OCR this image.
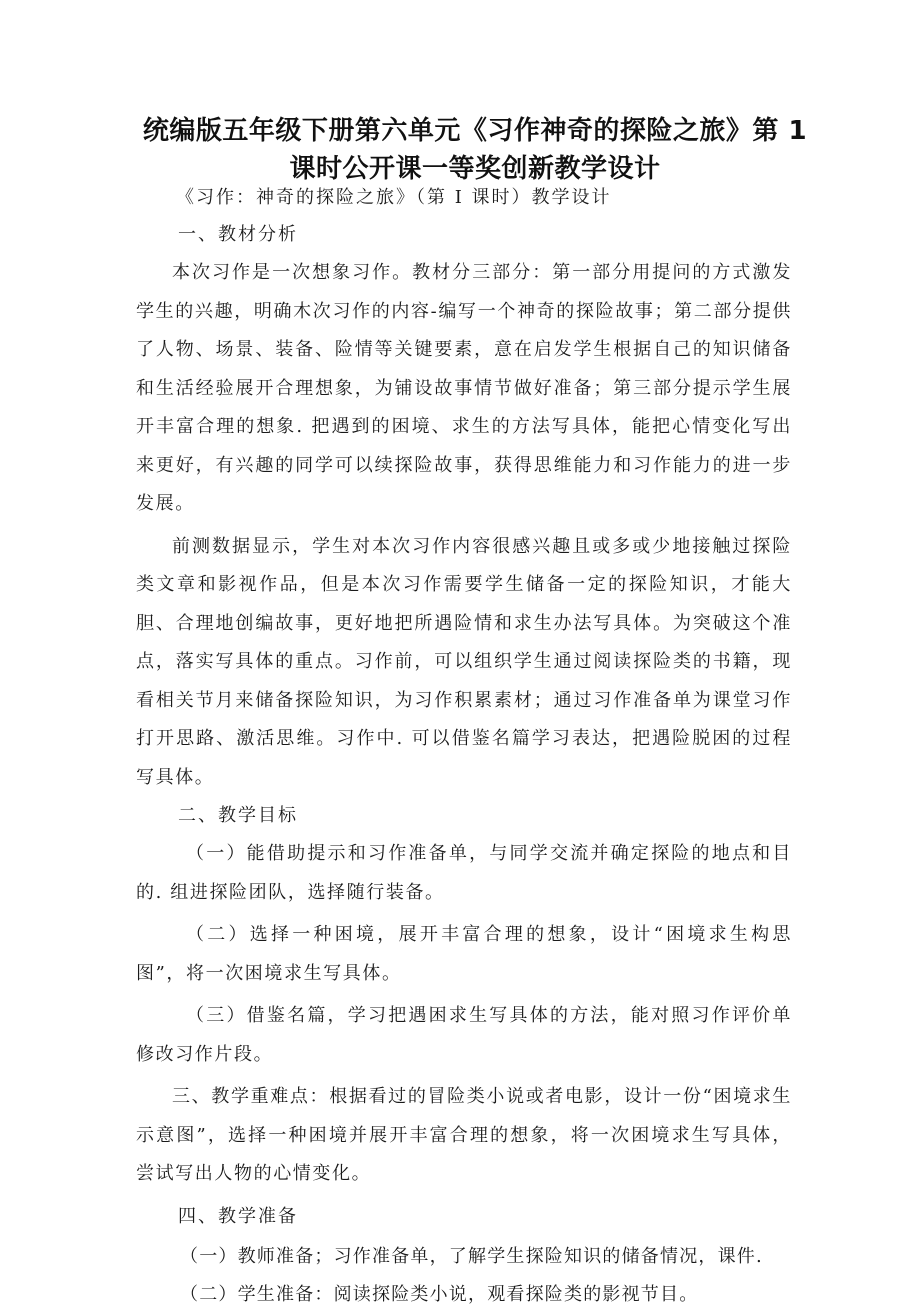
统编版五年级下册第六单元《习作神奇的探险之旅》第 1
课时公开课一等奖创新教学设计
《习作：神奇的探险之旅》（第 I 课时）教学设计
一、教材分析

本次习作是一次想象习作。教材分三部分：第一部分用提问的方式激发学生的兴趣，明确木次习作的内容-编写一个神奇的探险故事；第二部分提供了人物、场景、装备、险情等关键要素，意在启发学生根据自己的知识储备和生活经验展开合理想象，为铺设故事情节做好准备；第三部分提示学生展开丰富合理的想象. 把遇到的困境、求生的方法写具体，能把心情变化写出来更好，有兴趣的同学可以续探险故事，获得思维能力和习作能力的进一步发展。

前测数据显示，学生对本次习作内容很感兴趣且或多或少地接触过探险类文章和影视作品，但是本次习作需要学生储备一定的探险知识，才能大胆、合理地创编故事，更好地把所遇险情和求生办法写具体。为突破这个准点，落实写具体的重点。习作前，可以组织学生通过阅读探险类的书籍，现看相关节月来储备探险知识，为习作积累素材；通过习作准备单为课堂习作打开思路、激活思维。习作中. 可以借鉴名篇学习表达，把遇险脱困的过程写具体。

二、教学目标

（一）能借助提示和习作准备单，与同学交流并确定探险的地点和目的. 组进探险团队，选择随行装备。

（二）选择一种困境，展开丰富合理的想象，设计“困境求生构思图”，将一次困境求生写具体。

（三）借鉴名篇，学习把遇困求生写具体的方法，能对照习作评价单修改习作片段。

三、教学重难点：根据看过的冒险类小说或者电影，设计一份“困境求生示意图”，选择一种困境并展开丰富合理的想象，将一次困境求生写具体，尝试写出人物的心情变化。

四、教学准备
（一）教师准备；习作准备单，了解学生探险知识的储备情况，课件.
（二）学生准备：阅读探险类小说，观看探险类的影视节目。
